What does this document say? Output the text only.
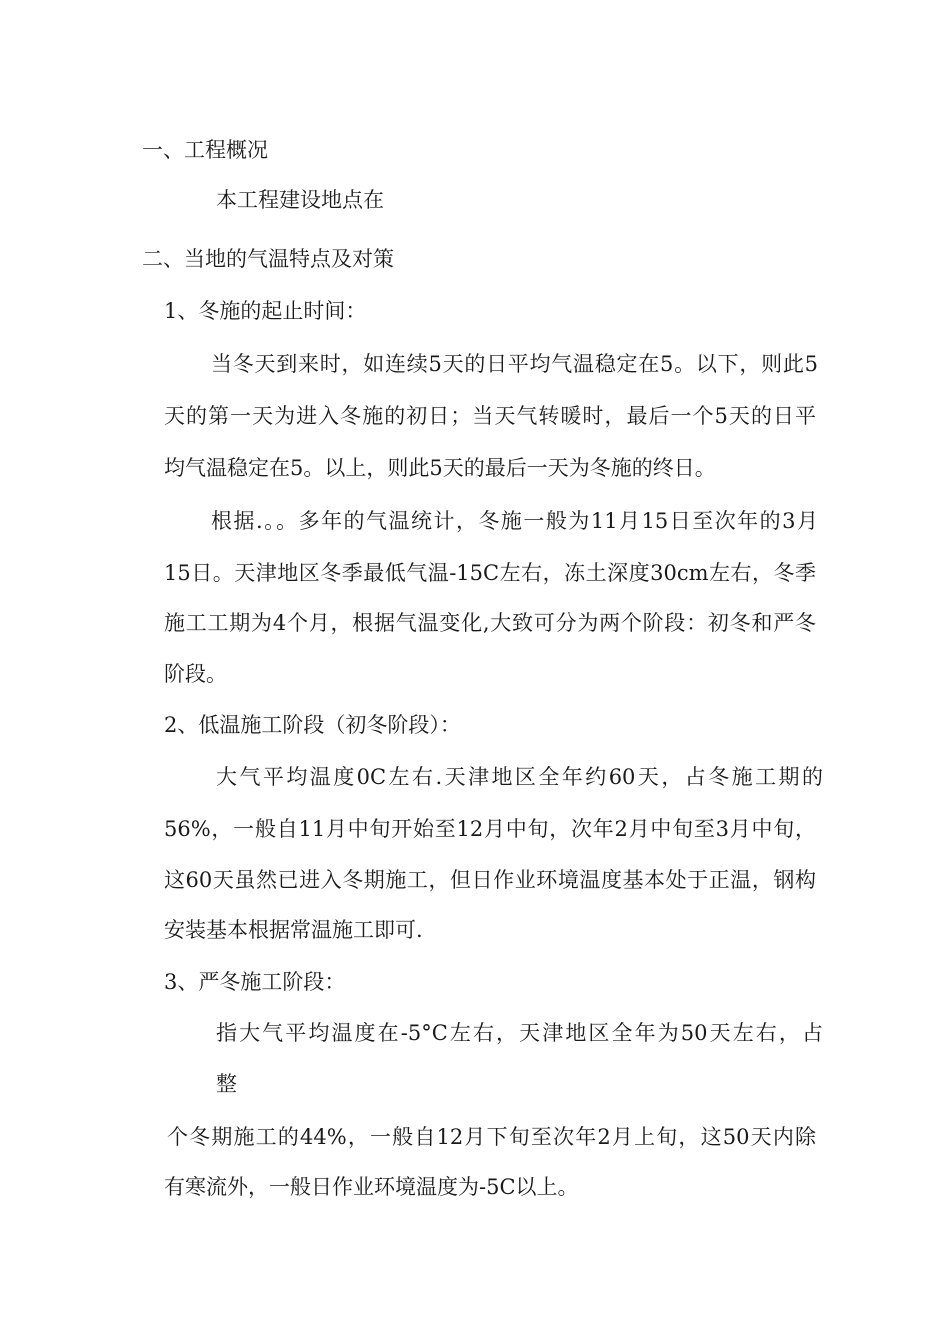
一、工程概况
本工程建设地点在
二、当地的气温特点及对策
1、冬施的起止时间：
当冬天到来时，如连续5天的日平均气温稳定在5。以下，则此5
天的第一天为进入冬施的初日；当天气转暖时，最后一个5天的日平
均气温稳定在5。以上，则此5天的最后一天为冬施的终日。
根据.。。多年的气温统计，冬施一般为11月15日至次年的3月
15日。天津地区冬季最低气温-15C左右，冻土深度30cm左右，冬季
施工工期为4个月，根据气温变化,大致可分为两个阶段：初冬和严冬
阶段。
2、低温施工阶段（初冬阶段）：
大气平均温度0C左右.天津地区全年约60天，占冬施工期的
56%，一般自11月中旬开始至12月中旬，次年2月中旬至3月中旬，
这60天虽然已进入冬期施工，但日作业环境温度基本处于正温，钢构
安装基本根据常温施工即可.
3、严冬施工阶段：
指大气平均温度在-5°C左右，天津地区全年为50天左右，占
整
个冬期施工的44%，一般自12月下旬至次年2月上旬，这50天内除
有寒流外，一般日作业环境温度为-5C以上。
